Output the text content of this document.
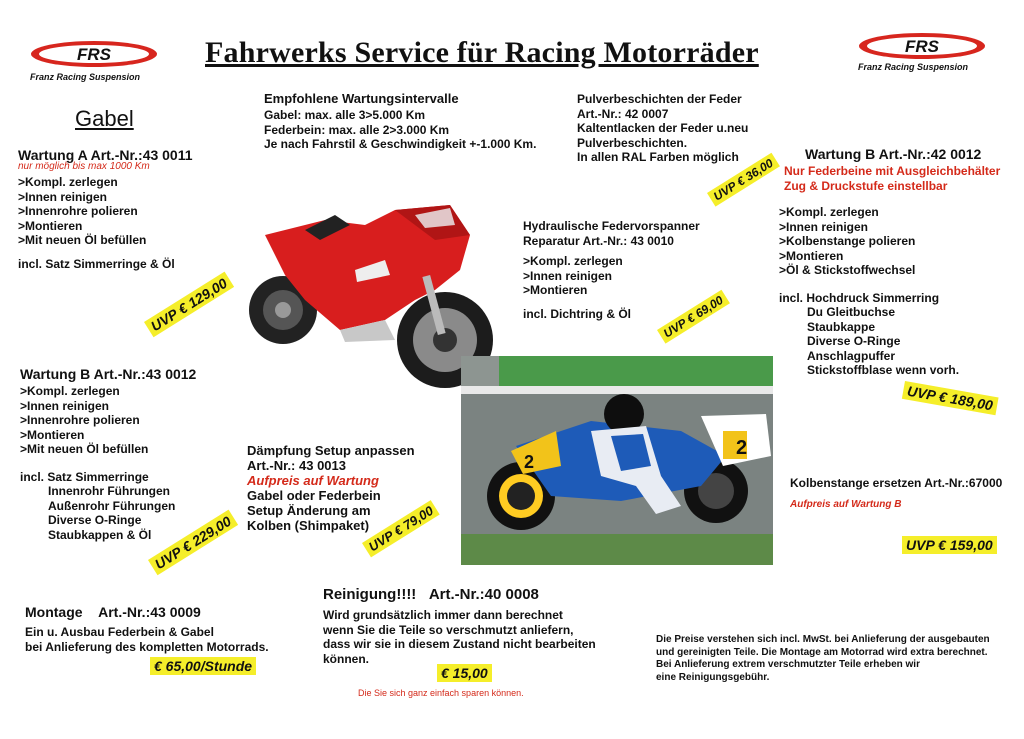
FRS
Franz Racing Suspension
FRS
Franz Racing Suspension
Fahrwerks Service für Racing Motorräder
Gabel
Empfohlene Wartungsintervalle
Gabel: max. alle 3>5.000 Km
Federbein: max. alle 2>3.000 Km
Je nach Fahrstil & Geschwindigkeit +-1.000 Km.
Pulverbeschichten der Feder
Art.-Nr.: 42 0007
Kaltentlacken der Feder u.neu
Pulverbeschichten.
In allen RAL Farben möglich
UVP € 36,00
Wartung A Art.-Nr.:43 0011
nur möglich bis max 1000 Km
>Kompl. zerlegen
>Innen reinigen
>Innenrohre polieren
>Montieren
>Mit neuen Öl befüllen
incl. Satz Simmerringe & Öl
UVP € 129,00
Wartung B Art.-Nr.:42 0012
Nur Federbeine mit Ausgleichbehälter
Zug & Druckstufe einstellbar
>Kompl. zerlegen
>Innen reinigen
>Kolbenstange polieren
>Montieren
>Öl & Stickstoffwechsel
incl. Hochdruck Simmerring
Du Gleitbuchse
Staubkappe
Diverse O-Ringe
Anschlagpuffer
Stickstoffblase wenn vorh.
UVP € 189,00
Hydraulische Federvorspanner
Reparatur Art.-Nr.: 43 0010
>Kompl. zerlegen
>Innen reinigen
>Montieren
incl. Dichtring & Öl	UVP € 69,00
2
2
Wartung B Art.-Nr.:43 0012
>Kompl. zerlegen
>Innen reinigen
>Innenrohre polieren
>Montieren
>Mit neuen Öl befüllen
incl. Satz Simmerringe
Innenrohr Führungen
Außenrohr Führungen
Diverse O-Ringe
Staubkappen & Öl UVP € 229,00
Dämpfung Setup anpassen
Art.-Nr.: 43 0013
Aufpreis auf Wartung
Gabel oder Federbein
Setup Änderung am
Kolben (Shimpaket)
UVP € 79,00
Kolbenstange ersetzen Art.-Nr.:67000
Aufpreis auf Wartung B
UVP € 159,00
Montage Art.-Nr.:43 0009
Ein u. Ausbau Federbein & Gabel
bei Anlieferung des kompletten Motorrads.
€ 65,00/Stunde
Reinigung!!!! Art.-Nr.:40 0008
Wird grundsätzlich immer dann berechnet
wenn Sie die Teile so verschmutzt anliefern,
dass wir sie in diesem Zustand nicht bearbeiten
können.
€ 15,00
Die Sie sich ganz einfach sparen können.
Die Preise verstehen sich incl. MwSt. bei Anlieferung der ausgebauten
und gereinigten Teile. Die Montage am Motorrad wird extra berechnet.
Bei Anlieferung extrem verschmutzter Teile erheben wir
eine Reinigungsgebühr.
